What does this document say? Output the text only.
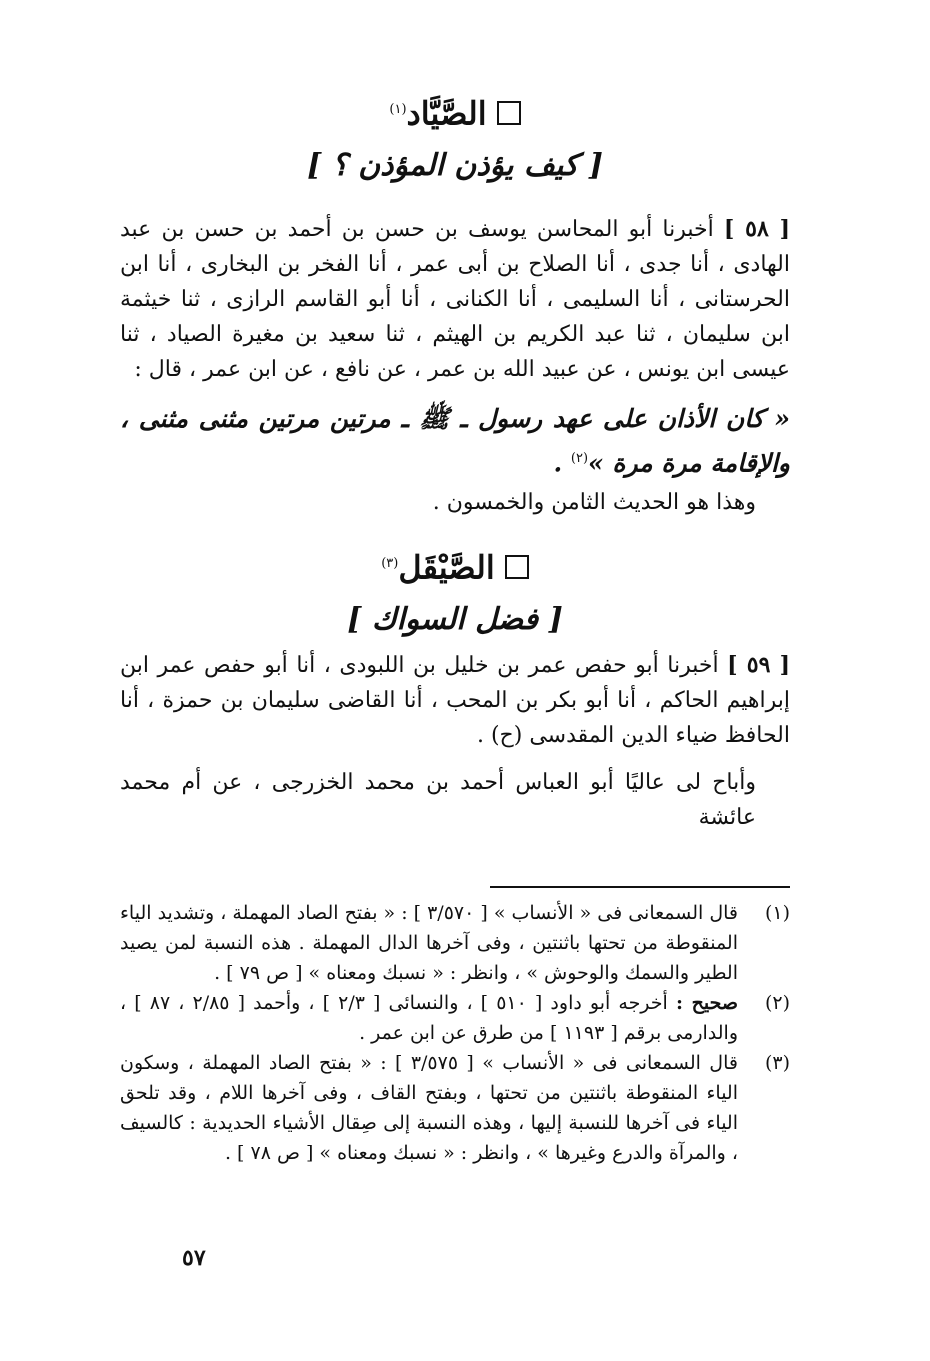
الصَّيَّاد$^{(١)}$
[ كيف يؤذن المؤذن ؟ ]

[ ٥٨ ] أخبرنا أبو المحاسن يوسف بن حسن بن أحمد بن حسن بن عبد الهادى ، أنا جدى ، أنا الصلاح بن أبى عمر ، أنا الفخر بن البخارى ، أنا ابن الحرستانى ، أنا السليمى ، أنا الكنانى ، أنا أبو القاسم الرازى ، ثنا خيثمة ابن سليمان ، ثنا عبد الكريم بن الهيثم ، ثنا سعيد بن مغيرة الصياد ، ثنا عيسى ابن يونس ، عن عبيد الله بن عمر ، عن نافع ، عن ابن عمر ، قال :

« كان الأذان على عهد رسول ـ ﷺ ـ مرتين مرتين مثنى مثنى ، والإقامة مرة مرة »$^{(٢)}$ .

وهذا هو الحديث الثامن والخمسون .

الصَّيْقَل$^{(٣)}$
[ فضل السواك ]

[ ٥٩ ] أخبرنا أبو حفص عمر بن خليل بن اللبودى ، أنا أبو حفص عمر ابن إبراهيم الحاكم ، أنا أبو بكر بن المحب ، أنا القاضى سليمان بن حمزة ، أنا الحافظ ضياء الدين المقدسى (ح) .

وأباح لى عاليًا أبو العباس أحمد بن محمد الخزرجى ، عن أم محمد عائشة

(١)
قال السمعانى فى « الأنساب » [ ٣/٥٧٠ ] : « بفتح الصاد المهملة ، وتشديد الياء المنقوطة من تحتها باثنتين ، وفى آخرها الدال المهملة . هذه النسبة لمن يصيد الطير والسمك والوحوش » ، وانظر : « نسبك ومعناه » [ ص ٧٩ ] .
(٢)
صحيح : أخرجه أبو داود [ ٥١٠ ] ، والنسائى [ ٢/٣ ] ، وأحمد [ ٢/٨٥ ، ٨٧ ] ، والدارمى برقم [ ١١٩٣ ] من طرق عن ابن عمر .
(٣)
قال السمعانى فى « الأنساب » [ ٣/٥٧٥ ] : « بفتح الصاد المهملة ، وسكون الياء المنقوطة باثنتين من تحتها ، وبفتح القاف ، وفى آخرها اللام ، وقد تلحق الياء فى آخرها للنسبة إليها ، وهذه النسبة إلى صِقال الأشياء الحديدية : كالسيف ، والمرآة والدرع وغيرها » ، وانظر : « نسبك ومعناه » [ ص ٧٨ ] .
٥٧
